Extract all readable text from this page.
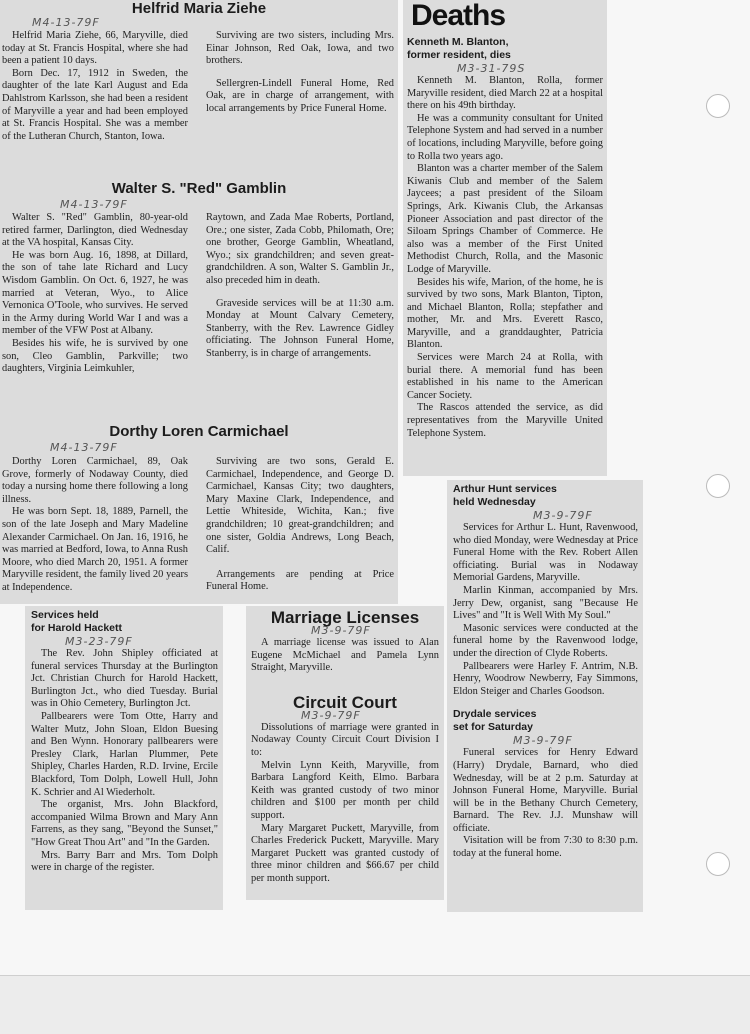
Helfrid Maria Ziehe
M4-13-79F

Helfrid Maria Ziehe, 66, Maryville, died today at St. Francis Hospital, where she had been a patient 10 days.

Born Dec. 17, 1912 in Sweden, the daughter of the late Karl August and Eda Dahlstrom Karlsson, she had been a resident of Maryville a year and had been employed at St. Francis Hospital. She was a member of the Lutheran Church, Stanton, Iowa.

Surviving are two sisters, including Mrs. Einar Johnson, Red Oak, Iowa, and two brothers.

Sellergren-Lindell Funeral Home, Red Oak, are in charge of arrangement, with local arrangements by Price Funeral Home.

Walter S. "Red" Gamblin
M4-13-79F

Walter S. "Red" Gamblin, 80-year-old retired farmer, Darlington, died Wednesday at the VA hospital, Kansas City.

He was born Aug. 16, 1898, at Dillard, the son of tahe late Richard and Lucy Wisdom Gamblin. On Oct. 6, 1927, he was married at Veteran, Wyo., to Alice Vernonica O'Toole, who survives. He served in the Army during World War I and was a member of the VFW Post at Albany.

Besides his wife, he is survived by one son, Cleo Gamblin, Parkville; two daughters, Virginia Leimkuhler,

Raytown, and Zada Mae Roberts, Portland, Ore.; one sister, Zada Cobb, Philomath, Ore; one brother, George Gamblin, Wheatland, Wyo.; six grandchildren; and seven great-grandchildren. A son, Walter S. Gamblin Jr., also preceded him in death.

Graveside services will be at 11:30 a.m. Monday at Mount Calvary Cemetery, Stanberry, with the Rev. Lawrence Gidley officiating. The Johnson Funeral Home, Stanberry, is in charge of arrangements.

Dorthy Loren Carmichael
M4-13-79F

Dorthy Loren Carmichael, 89, Oak Grove, formerly of Nodaway County, died today a nursing home there following a long illness.

He was born Sept. 18, 1889, Parnell, the son of the late Joseph and Mary Madeline Alexander Carmichael. On Jan. 16, 1916, he was married at Bedford, Iowa, to Anna Rush Moore, who died March 20, 1951. A former Maryville resident, the family lived 20 years at Independence.

Surviving are two sons, Gerald E. Carmichael, Independence, and George D. Carmichael, Kansas City; two daughters, Mary Maxine Clark, Independence, and Lettie Whiteside, Wichita, Kan.; five grandchildren; 10 great-grandchildren; and one sister, Goldia Andrews, Long Beach, Calif.

Arrangements are pending at Price Funeral Home.

Deaths
Kenneth M. Blanton,
former resident, dies
M3-31-79S

Kenneth M. Blanton, Rolla, former Maryville resident, died March 22 at a hospital there on his 49th birthday.

He was a community consultant for United Telephone System and had served in a number of locations, including Maryville, before going to Rolla two years ago.

Blanton was a charter member of the Salem Kiwanis Club and member of the Salem Jaycees; a past president of the Siloam Springs, Ark. Kiwanis Club, the Arkansas Pioneer Association and past director of the Siloam Springs Chamber of Commerce. He also was a member of the First United Methodist Church, Rolla, and the Masonic Lodge of Maryville.

Besides his wife, Marion, of the home, he is survived by two sons, Mark Blanton, Tipton, and Michael Blanton, Rolla; stepfather and mother, Mr. and Mrs. Everett Rasco, Maryville, and a granddaughter, Patricia Blanton.

Services were March 24 at Rolla, with burial there. A memorial fund has been established in his name to the American Cancer Society.

The Rascos attended the service, as did representatives from the Maryville United Telephone System.

Arthur Hunt services
held Wednesday
M3-9-79F

Services for Arthur L. Hunt, Ravenwood, who died Monday, were Wednesday at Price Funeral Home with the Rev. Robert Allen officiating. Burial was in Nodaway Memorial Gardens, Maryville.

Marlin Kinman, accompanied by Mrs. Jerry Dew, organist, sang "Because He Lives" and "It is Well With My Soul."

Masonic services were conducted at the funeral home by the Ravenwood lodge, under the direction of Clyde Roberts.

Pallbearers were Harley F. Antrim, N.B. Henry, Woodrow Newberry, Fay Simmons, Eldon Steiger and Charles Goodson.

Drydale services
set for Saturday
M3-9-79F

Funeral services for Henry Edward (Harry) Drydale, Barnard, who died Wednesday, will be at 2 p.m. Saturday at Johnson Funeral Home, Maryville. Burial will be in the Bethany Church Cemetery, Barnard. The Rev. J.J. Munshaw will officiate.

Visitation will be from 7:30 to 8:30 p.m. today at the funeral home.

Services held
for Harold Hackett
M3-23-79F

The Rev. John Shipley officiated at funeral services Thursday at the Burlington Jct. Christian Church for Harold Hackett, Burlington Jct., who died Tuesday. Burial was in Ohio Cemetery, Burlington Jct.

Pallbearers were Tom Otte, Harry and Walter Mutz, John Sloan, Eldon Buesing and Ben Wynn. Honorary pallbearers were Presley Clark, Harlan Plummer, Pete Shipley, Charles Harden, R.D. Irvine, Ercile Blackford, Tom Dolph, Lowell Hull, John K. Schrier and Al Wiederholt.

The organist, Mrs. John Blackford, accompanied Wilma Brown and Mary Ann Farrens, as they sang, "Beyond the Sunset," "How Great Thou Art" and "In the Garden.

Mrs. Barry Barr and Mrs. Tom Dolph were in charge of the register.

Marriage Licenses
M3-9-79F

A marriage license was issued to Alan Eugene McMichael and Pamela Lynn Straight, Maryville.

Circuit Court
M3-9-79F

Dissolutions of marriage were granted in Nodaway County Circuit Court Division I to:

Melvin Lynn Keith, Maryville, from Barbara Langford Keith, Elmo. Barbara Keith was granted custody of two minor children and $100 per month per child support.

Mary Margaret Puckett, Maryville, from Charles Frederick Puckett, Maryville. Mary Margaret Puckett was granted custody of three minor children and $66.67 per child per month support.
